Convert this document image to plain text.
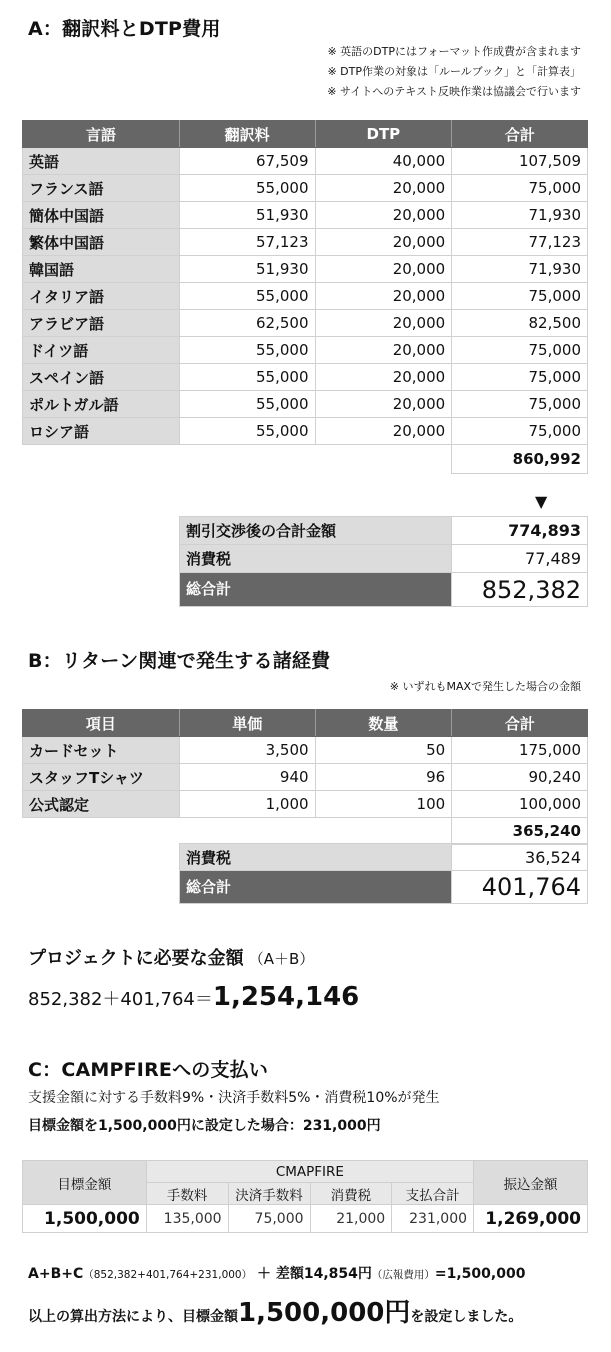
A：翻訳料とDTP費用
※ 英語のDTPにはフォーマット作成費が含まれます
※ DTP作業の対象は「ルールブック」と「計算表」
※ サイトへのテキスト反映作業は協議会で行います
言語	翻訳料	DTP	合計
英語	67,509	40,000	107,509
フランス語	55,000	20,000	75,000
簡体中国語	51,930	20,000	71,930
繁体中国語	57,123	20,000	77,123
韓国語	51,930	20,000	71,930
イタリア語	55,000	20,000	75,000
アラビア語	62,500	20,000	82,500
ドイツ語	55,000	20,000	75,000
スペイン語	55,000	20,000	75,000
ポルトガル語	55,000	20,000	75,000
ロシア語	55,000	20,000	75,000
			860,992
▼
割引交渉後の合計金額	774,893
消費税	77,489
総合計	852,382
B：リターン関連で発生する諸経費
※ いずれもMAXで発生した場合の金額
項目	単価	数量	合計
カードセット	3,500	50	175,000
スタッフTシャツ	940	96	90,240
公式認定	1,000	100	100,000
			365,240
消費税	36,524
総合計	401,764
プロジェクトに必要な金額 （A＋B）
852,382＋401,764＝1,254,146
C：CAMPFIREへの支払い
支援金額に対する手数料9%・決済手数料5%・消費税10%が発生
目標金額を1,500,000円に設定した場合：231,000円
目標金額	CMAPFIRE				振込金額
	手数料	決済手数料	消費税	支払合計	
1,500,000	135,000	75,000	21,000	231,000	1,269,000
A+B+C（852,382+401,764+231,000） ＋ 差額14,854円（広報費用）=1,500,000
以上の算出方法により、目標金額1,500,000円を設定しました。
